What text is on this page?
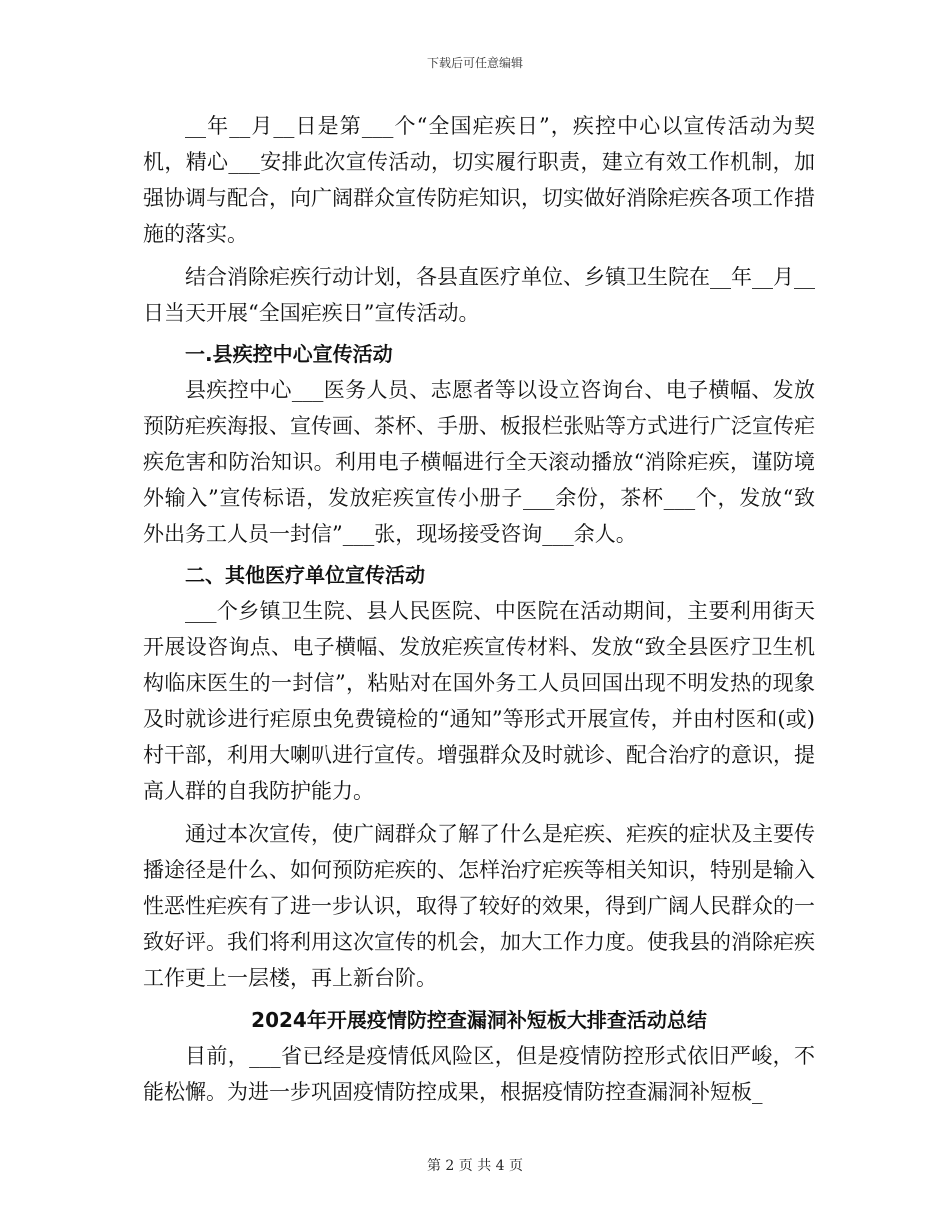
下载后可任意编辑

__年__月__日是第___个“全国疟疾日”，疾控中心以宣传活动为契机，精心___安排此次宣传活动，切实履行职责，建立有效工作机制，加强协调与配合，向广阔群众宣传防疟知识，切实做好消除疟疾各项工作措施的落实。

结合消除疟疾行动计划，各县直医疗单位、乡镇卫生院在__年__月__日当天开展“全国疟疾日”宣传活动。

一.县疾控中心宣传活动

县疾控中心___医务人员、志愿者等以设立咨询台、电子横幅、发放预防疟疾海报、宣传画、茶杯、手册、板报栏张贴等方式进行广泛宣传疟疾危害和防治知识。利用电子横幅进行全天滚动播放“消除疟疾，谨防境外输入”宣传标语，发放疟疾宣传小册子___余份，茶杯___个，发放“致外出务工人员一封信”___张，现场接受咨询___余人。

二、其他医疗单位宣传活动

___个乡镇卫生院、县人民医院、中医院在活动期间，主要利用街天开展设咨询点、电子横幅、发放疟疾宣传材料、发放“致全县医疗卫生机构临床医生的一封信”，粘贴对在国外务工人员回国出现不明发热的现象及时就诊进行疟原虫免费镜检的“通知”等形式开展宣传，并由村医和(或)村干部，利用大喇叭进行宣传。增强群众及时就诊、配合治疗的意识，提高人群的自我防护能力。

通过本次宣传，使广阔群众了解了什么是疟疾、疟疾的症状及主要传播途径是什么、如何预防疟疾的、怎样治疗疟疾等相关知识，特别是输入性恶性疟疾有了进一步认识，取得了较好的效果，得到广阔人民群众的一致好评。我们将利用这次宣传的机会，加大工作力度。使我县的消除疟疾工作更上一层楼，再上新台阶。

2024年开展疫情防控查漏洞补短板大排查活动总结

目前，___省已经是疫情低风险区，但是疫情防控形式依旧严峻，不能松懈。为进一步巩固疫情防控成果，根据疫情防控查漏洞补短板_

第 2 页 共 4 页
